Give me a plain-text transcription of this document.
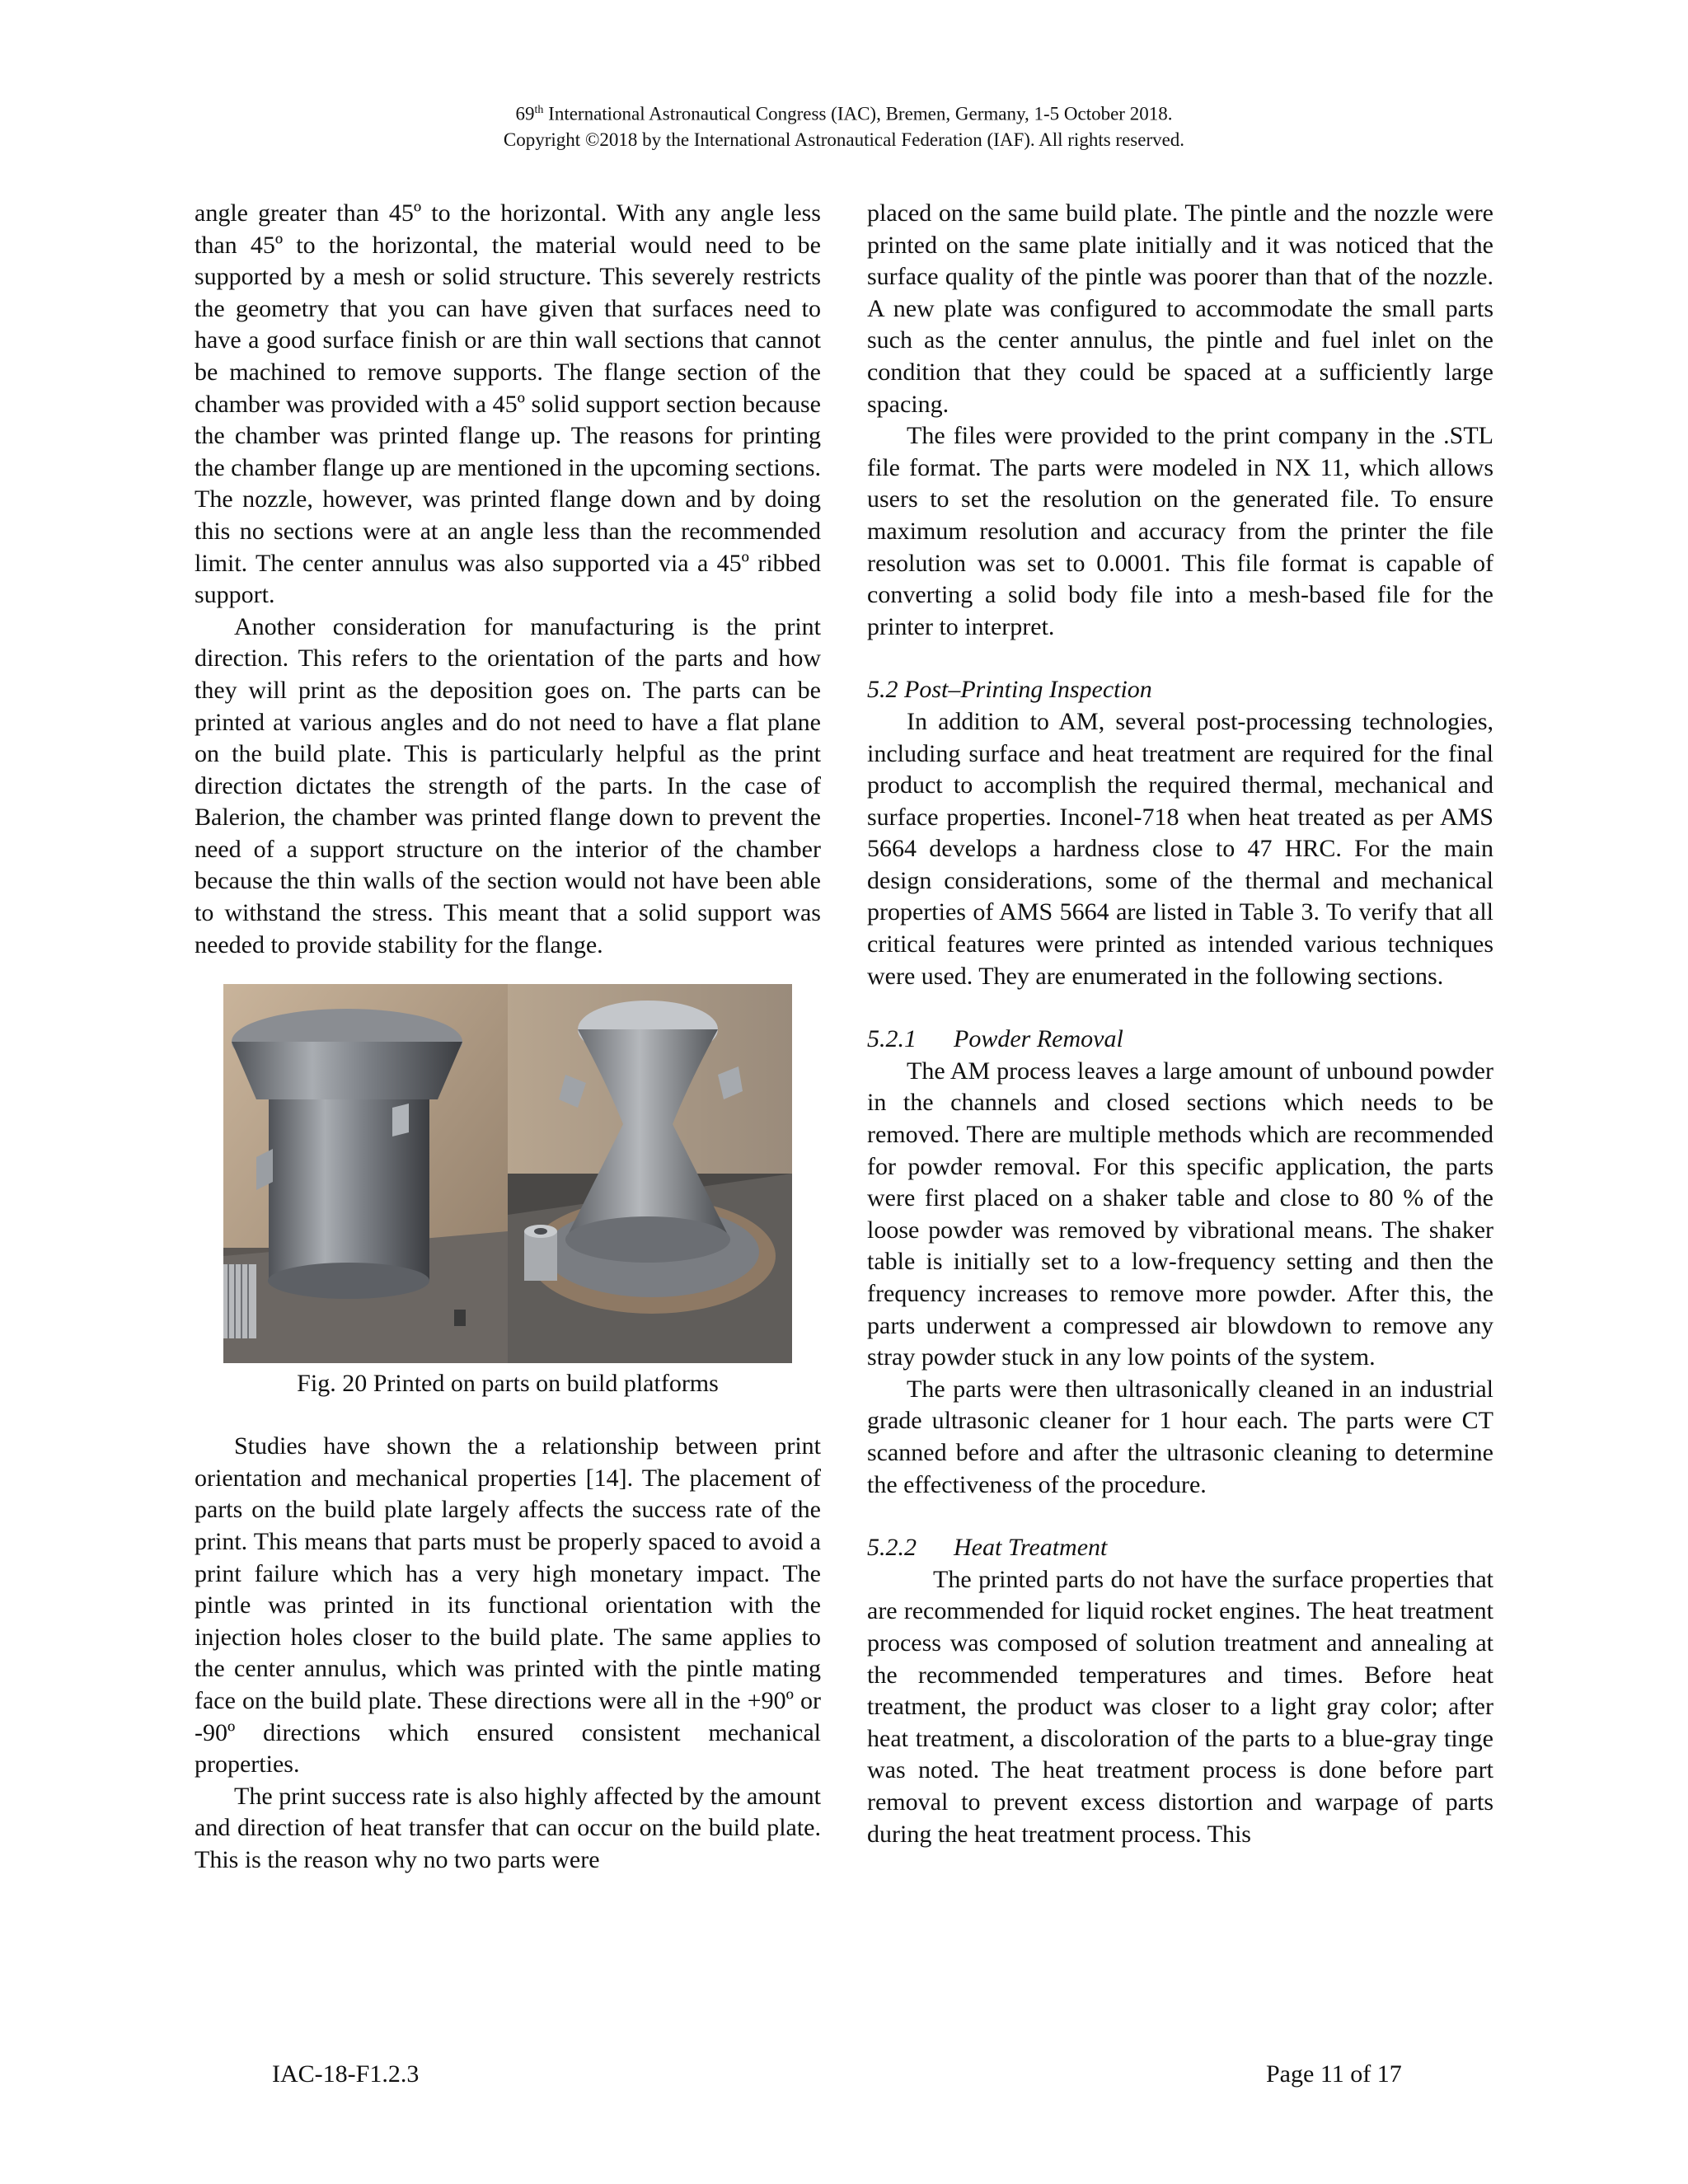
69th International Astronautical Congress (IAC), Bremen, Germany, 1-5 October 2018.
Copyright ©2018 by the International Astronautical Federation (IAF). All rights reserved.

angle greater than 45º to the horizontal. With any angle less than 45º to the horizontal, the material would need to be supported by a mesh or solid structure. This severely restricts the geometry that you can have given that surfaces need to have a good surface finish or are thin wall sections that cannot be machined to remove supports. The flange section of the chamber was provided with a 45º solid support section because the chamber was printed flange up. The reasons for printing the chamber flange up are mentioned in the upcoming sections. The nozzle, however, was printed flange down and by doing this no sections were at an angle less than the recommended limit. The center annulus was also supported via a 45º ribbed support.

Another consideration for manufacturing is the print direction. This refers to the orientation of the parts and how they will print as the deposition goes on. The parts can be printed at various angles and do not need to have a flat plane on the build plate. This is particularly helpful as the print direction dictates the strength of the parts. In the case of Balerion, the chamber was printed flange down to prevent the need of a support structure on the interior of the chamber because the thin walls of the section would not have been able to withstand the stress. This meant that a solid support was needed to provide stability for the flange.

Fig. 20 Printed on parts on build platforms

Studies have shown the a relationship between print orientation and mechanical properties [14]. The placement of parts on the build plate largely affects the success rate of the print. This means that parts must be properly spaced to avoid a print failure which has a very high monetary impact. The pintle was printed in its functional orientation with the injection holes closer to the build plate. The same applies to the center annulus, which was printed with the pintle mating face on the build plate. These directions were all in the +90º or -90º directions which ensured consistent mechanical properties.

The print success rate is also highly affected by the amount and direction of heat transfer that can occur on the build plate. This is the reason why no two parts were

placed on the same build plate. The pintle and the nozzle were printed on the same plate initially and it was noticed that the surface quality of the pintle was poorer than that of the nozzle. A new plate was configured to accommodate the small parts such as the center annulus, the pintle and fuel inlet on the condition that they could be spaced at a sufficiently large spacing.

The files were provided to the print company in the .STL file format. The parts were modeled in NX 11, which allows users to set the resolution on the generated file. To ensure maximum resolution and accuracy from the printer the file resolution was set to 0.0001. This file format is capable of converting a solid body file into a mesh-based file for the printer to interpret.

5.2 Post–Printing Inspection

In addition to AM, several post-processing technologies, including surface and heat treatment are required for the final product to accomplish the required thermal, mechanical and surface properties. Inconel-718 when heat treated as per AMS 5664 develops a hardness close to 47 HRC. For the main design considerations, some of the thermal and mechanical properties of AMS 5664 are listed in Table 3. To verify that all critical features were printed as intended various techniques were used. They are enumerated in the following sections.

5.2.1      Powder Removal

The AM process leaves a large amount of unbound powder in the channels and closed sections which needs to be removed. There are multiple methods which are recommended for powder removal. For this specific application, the parts were first placed on a shaker table and close to 80 % of the loose powder was removed by vibrational means. The shaker table is initially set to a low-frequency setting and then the frequency increases to remove more powder. After this, the parts underwent a compressed air blowdown to remove any stray powder stuck in any low points of the system.

The parts were then ultrasonically cleaned in an industrial grade ultrasonic cleaner for 1 hour each. The parts were CT scanned before and after the ultrasonic cleaning to determine the effectiveness of the procedure.

5.2.2      Heat Treatment

The printed parts do not have the surface properties that are recommended for liquid rocket engines. The heat treatment process was composed of solution treatment and annealing at the recommended temperatures and times. Before heat treatment, the product was closer to a light gray color; after heat treatment, a discoloration of the parts to a blue-gray tinge was noted. The heat treatment process is done before part removal to prevent excess distortion and warpage of parts during the heat treatment process. This

IAC-18-F1.2.3	Page 11 of 17
